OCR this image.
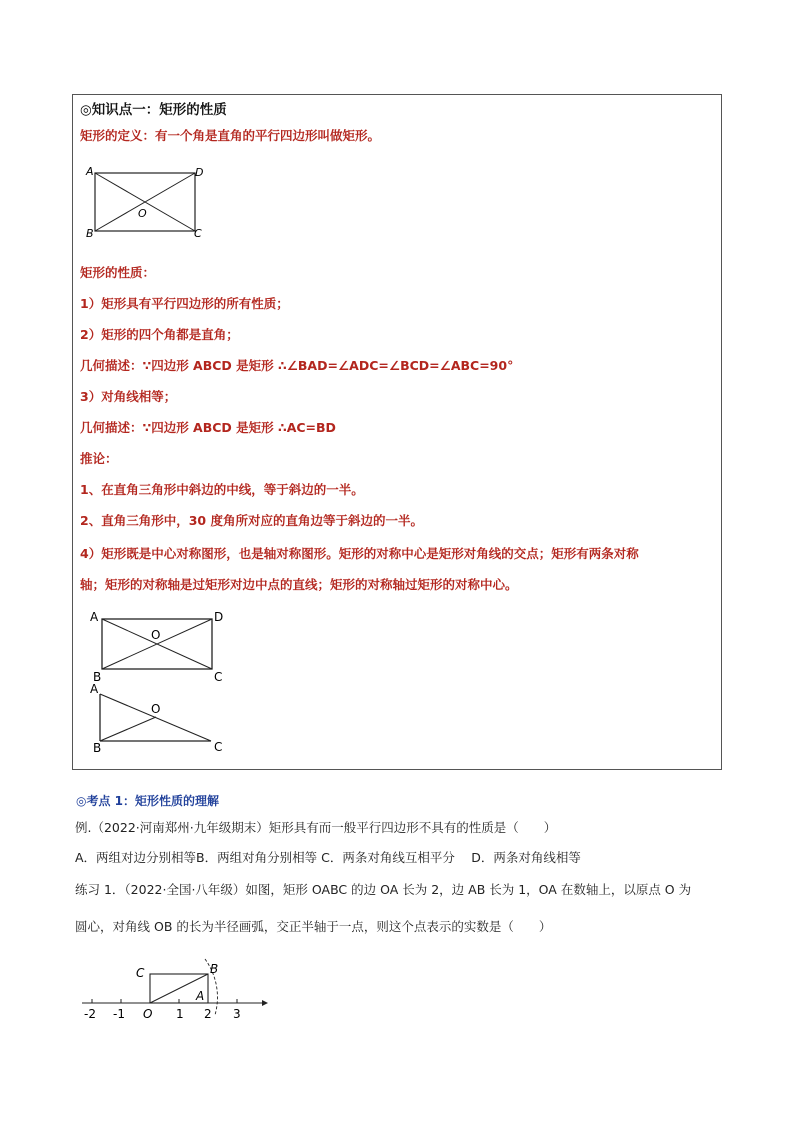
◎知识点一：矩形的性质
矩形的定义：有一个角是直角的平行四边形叫做矩形。
A	D
B	C
O
矩形的性质：
1）矩形具有平行四边形的所有性质；
2）矩形的四个角都是直角；
几何描述：∵四边形 ABCD 是矩形 ∴∠BAD=∠ADC=∠BCD=∠ABC=90°
3）对角线相等；
几何描述：∵四边形 ABCD 是矩形 ∴AC=BD
推论：
1、在直角三角形中斜边的中线，等于斜边的一半。
2、直角三角形中，30 度角所对应的直角边等于斜边的一半。
4）矩形既是中心对称图形，也是轴对称图形。矩形的对称中心是矩形对角线的交点；矩形有两条对称
轴；矩形的对称轴是过矩形对边中点的直线；矩形的对称轴过矩形的对称中心。
A	D
B	C
O
A
B	C
O
◎考点 1：矩形性质的理解
例.（2022·河南郑州·九年级期末）矩形具有而一般平行四边形不具有的性质是（　　）
A．两组对边分别相等B．两组对角分别相等 C．两条对角线互相平分　 D．两条对角线相等
练习 1．（2022·全国·八年级）如图，矩形 OABC 的边 OA 长为 2，边 AB 长为 1，OA 在数轴上，以原点 O 为
圆心，对角线 OB 的长为半径画弧，交正半轴于一点，则这个点表示的实数是（　　）
C	B
A
-2 -1 O 1 2 3
